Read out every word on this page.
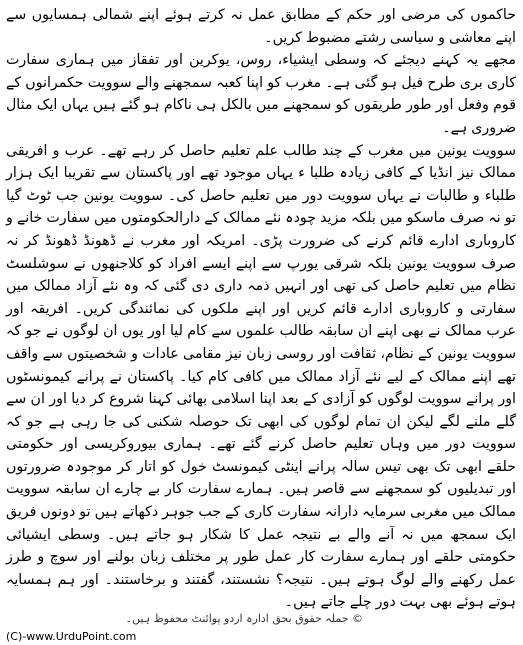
حاکموں کی مرضی اور حکم کے مطابق عمل نہ کرتے ہوئے اپنے شمالی ہمسایوں سے اپنے معاشی و سیاسی رشتے مضبوط کریں۔

مجھے یہ کہنے دیجئے کہ وسطی ایشیاء، روس، یوکرین اور تفقاز میں ہماری سفارت کاری بری طرح فیل ہو گئی ہے۔ مغرب کو اپنا کعبہ سمجھنے والے سوویت حکمرانوں کے قوم وفعل اور طور طریقوں کو سمجھنے میں بالکل ہی ناکام ہو گئے ہیں یہاں ایک مثال ضروری ہے۔

سوویت یونین میں مغرب کے چند طالب علم تعلیم حاصل کر رہے تھے۔ عرب و افریقی ممالک نیز انڈیا کے کافی زیادہ طلبا ء یہاں موجود تھے اور پاکستان سے تقریبا ایک ہزار طلباء و طالبات نے یہاں سوویت دور میں تعلیم حاصل کی۔ سوویت یونین جب ٹوٹ گیا تو نہ صرف ماسکو میں بلکہ مزید چودہ نئے ممالک کے دارالحکومتوں میں سفارت خانے و کاروباری ادارے قائم کرنے کی ضرورت پڑی۔ امریکہ اور مغرب نے ڈھونڈ ڈھونڈ کر نہ صرف سوویت یونین بلکہ شرقی یورپ سے اپنے ایسے افراد کو کلاجنھوں نے سوشلسٹ نظام میں تعلیم حاصل کی تھی اور انہیں ذمہ داری دی گئی کہ وہ نئے آزاد ممالک میں سفارتی و کاروباری ادارے قائم کریں اور اپنے ملکوں کی نمائندگی کریں۔ افریقہ اور عرب ممالک نے بھی اپنے ان سابقہ طالب علموں سے کام لیا اور یوں ان لوگوں نے جو کہ سوویت یونین کے نظام، ثقافت اور روسی زبان نیز مقامی عادات و شخصیتوں سے واقف تھے اپنے ممالک کے لیے نئے آزاد ممالک میں کافی کام کیا۔ پاکستان نے پرانے کیمونسٹوں اور پرانے سوویت لوگوں کو آزادی کے بعد اپنا اسلامی بھائی کہنا شروع کر دیا اور ان سے گلے ملنے لگے لیکن ان تمام لوگوں کی ابھی تک حوصلہ شکنی کی جا رہی ہے جو کہ سوویت دور میں وہاں تعلیم حاصل کرنے گئے تھے۔ ہماری بیوروکریسی اور حکومتی حلقے ابھی تک بھی تیس سالہ پرانے اینٹی کیمونسٹ خول کو اتار کر موجودہ ضرورتوں اور تبدیلیوں کو سمجھنے سے قاصر ہیں۔ ہمارے سفارت کار بے چارے ان سابقہ سوویت ممالک میں مغربی سرمایہ دارانہ سفارت کاری کے جب جوہر دکھاتے ہیں تو دونوں فریق ایک سمجھ میں نہ آنے والے بے نتیجہ عمل کا شکار ہو جاتے ہیں۔ وسطی ایشیائی حکومتی حلقے اور ہمارے سفارت کار عمل طور پر مختلف زبان بولنے اور سوچ و طرز عمل رکھنے والے لوگ ہوتے ہیں۔ نتیجہ؟ نشستند، گفتند و برخاستند۔ اور ہم ہمسایہ ہوتے ہوئے بھی بہت دور چلے جاتے ہیں۔

© جملہ حقوق بحق ادارہ اردو پوائنٹ محفوظ ہیں۔
(C)-www.UrduPoint.com
